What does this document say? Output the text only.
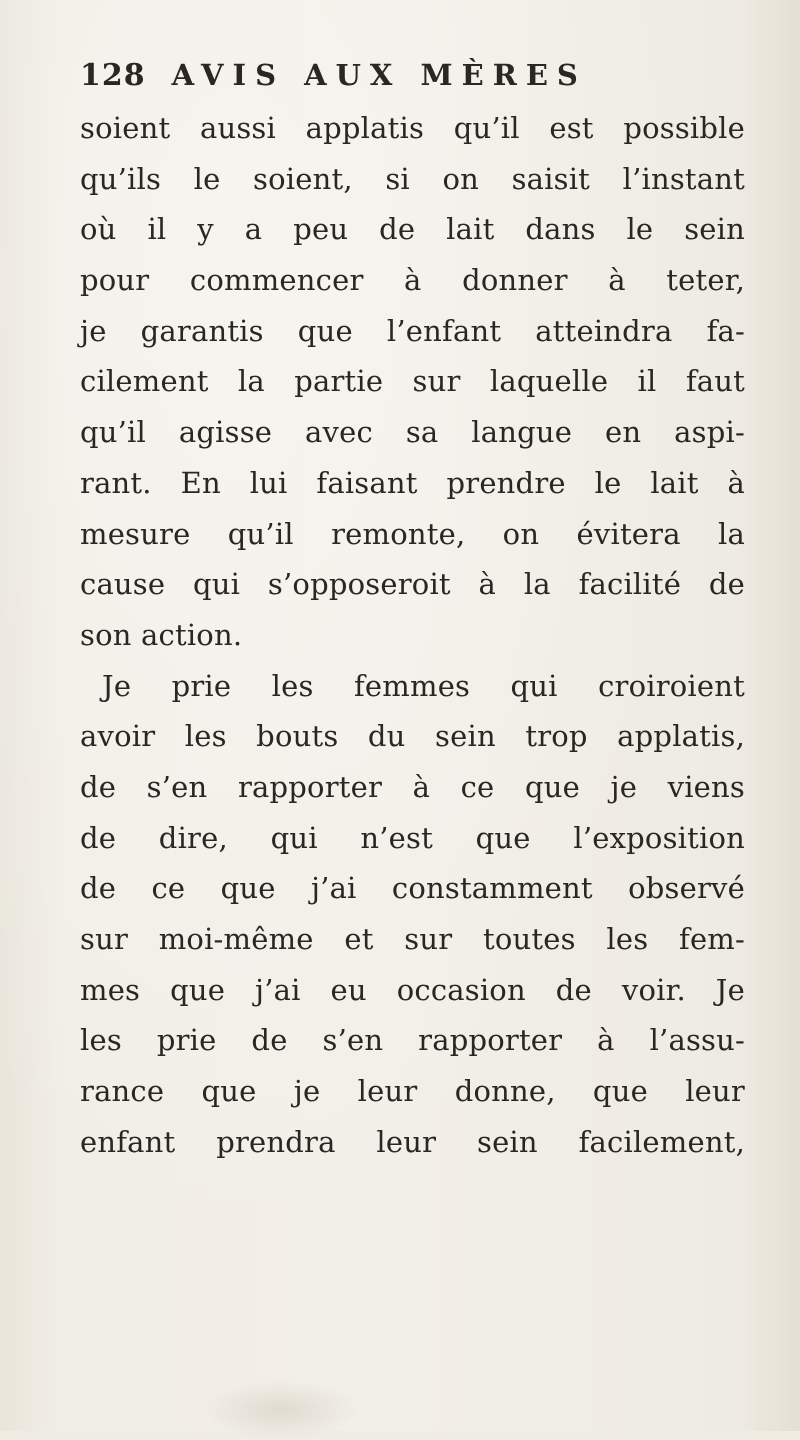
128 AVIS AUX MÈRES
soient aussi applatis qu’il est possible
qu’ils le soient, si on saisit l’instant
où il y a peu de lait dans le sein
pour commencer à donner à teter,
je garantis que l’enfant atteindra fa-
cilement la partie sur laquelle il faut
qu’il agisse avec sa langue en aspi-
rant. En lui faisant prendre le lait à
mesure qu’il remonte, on évitera la
cause qui s’opposeroit à la facilité de
son action.
Je prie les femmes qui croiroient
avoir les bouts du sein trop applatis,
de s’en rapporter à ce que je viens
de dire, qui n’est que l’exposition
de ce que j’ai constamment observé
sur moi-même et sur toutes les fem-
mes que j’ai eu occasion de voir. Je
les prie de s’en rapporter à l’assu-
rance que je leur donne, que leur
enfant prendra leur sein facilement,
